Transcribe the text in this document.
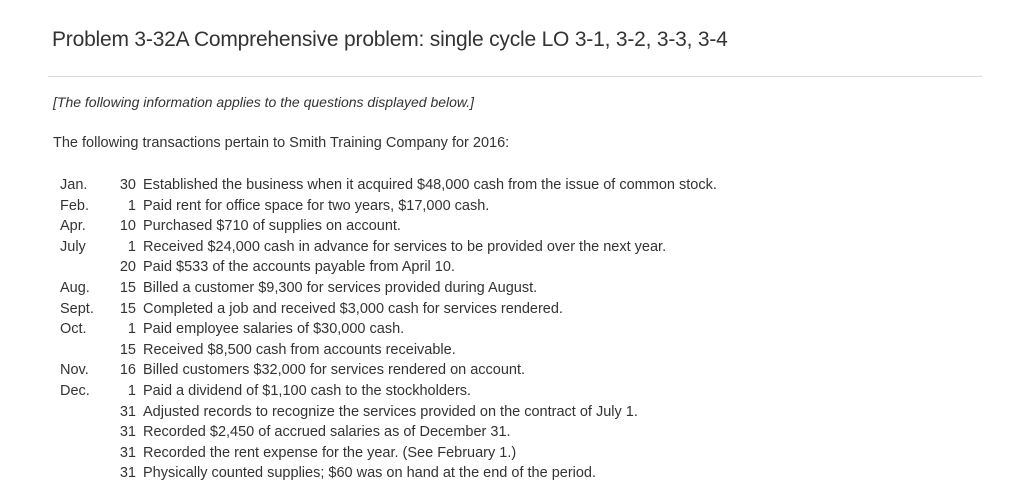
Problem 3-32A Comprehensive problem: single cycle LO 3-1, 3-2, 3-3, 3-4
[The following information applies to the questions displayed below.]
The following transactions pertain to Smith Training Company for 2016:
Jan.	30 Established the business when it acquired $48,000 cash from the issue of common stock.
Feb.	1 Paid rent for office space for two years, $17,000 cash.
Apr.	10 Purchased $710 of supplies on account.
July	1 Received $24,000 cash in advance for services to be provided over the next year.
20 Paid $533 of the accounts payable from April 10.
Aug.	15 Billed a customer $9,300 for services provided during August.
Sept.	15 Completed a job and received $3,000 cash for services rendered.
Oct.	1 Paid employee salaries of $30,000 cash.
15 Received $8,500 cash from accounts receivable.
Nov.	16 Billed customers $32,000 for services rendered on account.
Dec.	1 Paid a dividend of $1,100 cash to the stockholders.
31 Adjusted records to recognize the services provided on the contract of July 1.
31 Recorded $2,450 of accrued salaries as of December 31.
31 Recorded the rent expense for the year. (See February 1.)
31 Physically counted supplies; $60 was on hand at the end of the period.
